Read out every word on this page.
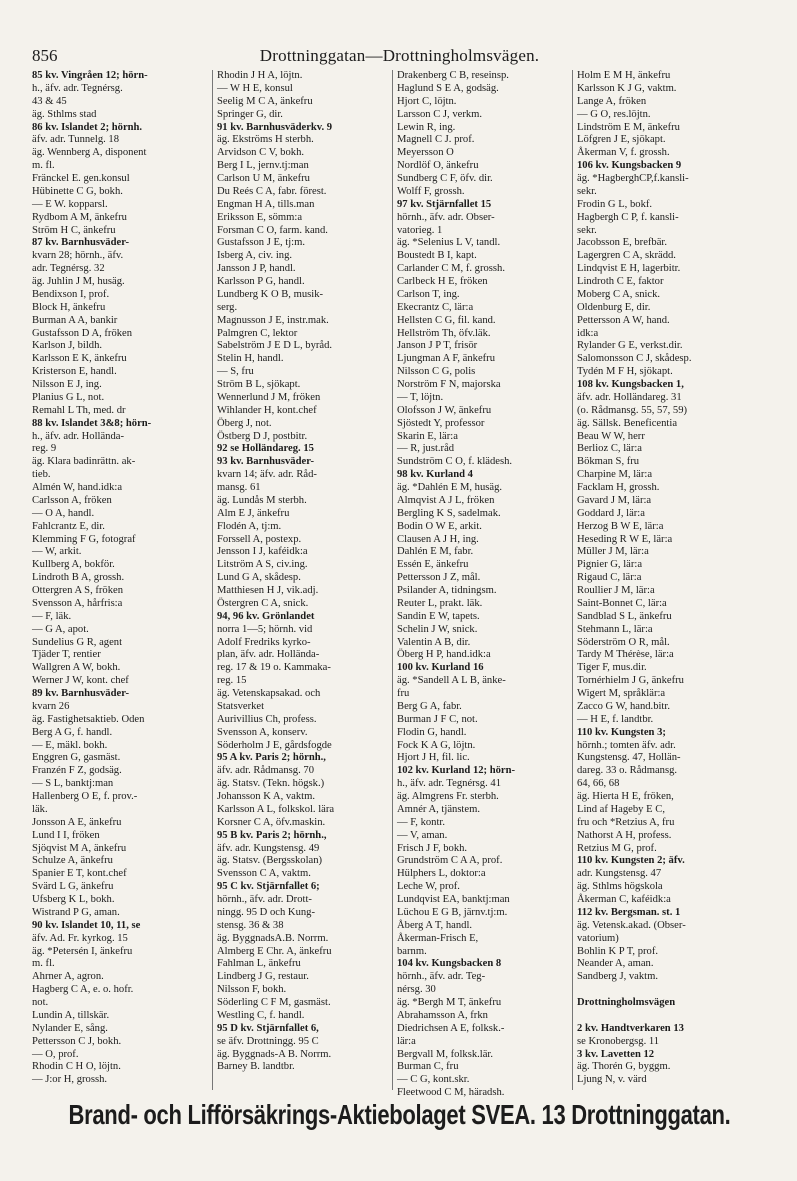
856	Drottninggatan—Drottningholmsvägen.
85 kv. Vingråen 12; hörn-
h., äfv. adr. Tegnérsg.
43 & 45
äg. Sthlms stad
86 kv. Islandet 2; hörnh.
äfv. adr. Tunnelg. 18
äg. Wennberg A, disponent
m. fl.
Fränckel E. gen.konsul
Hübinette C G, bokh.
— E W. kopparsl.
Rydbom A M, änkefru
Ström H C, änkefru
87 kv. Barnhusväder-
kvarn 28; hörnh., äfv.
adr. Tegnérsg. 32
äg. Juhlin J M, husäg.
Bendixson I, prof.
Block H, änkefru
Burman A A, bankir
Gustafsson D A, fröken
Karlson J, bildh.
Karlsson E K, änkefru
Kristerson E, handl.
Nilsson E J, ing.
Planius G L, not.
Remahl L Th, med. dr
88 kv. Islandet 3&8; hörn-
h., äfv. adr. Hollända-
reg. 9
äg. Klara badinrättn. ak-
tieb.
Almén W, hand.idk:a
Carlsson A, fröken
— O A, handl.
Fahlcrantz E, dir.
Klemming F G, fotograf
— W, arkit.
Kullberg A, bokför.
Lindroth B A, grossh.
Ottergren A S, fröken
Svensson A, hårfris:a
— F, läk.
— G A, apot.
Sundelius G R, agent
Tjäder T, rentier
Wallgren A W, bokh.
Werner J W, kont. chef
89 kv. Barnhusväder-
kvarn 26
äg. Fastighetsaktieb. Oden
Berg A G, f. handl.
— E, mäkl. bokh.
Enggren G, gasmäst.
Franzén F Z, godsäg.
— S L, banktj:man
Hallenberg O E, f. prov.-
läk.
Jonsson A E, änkefru
Lund I I, fröken
Sjöqvist M A, änkefru
Schulze A, änkefru
Spanier E T, kont.chef
Svärd L G, änkefru
Ufsberg K L, bokh.
Wistrand P G, aman.
90 kv. Islandet 10, 11, se
äfv. Ad. Fr. kyrkog. 15
äg. *Petersén I, änkefru
m. fl.
Ahrner A, agron.
Hagberg C A, e. o. hofr.
not.
Lundin A, tillskär.
Nylander E, sång.
Pettersson C J, bokh.
— O, prof.
Rhodin C H O, löjtn.
— J:or H, grossh.
Rhodin J H A, löjtn.
— W H E, konsul
Seelig M C A, änkefru
Springer G, dir.
91 kv. Barnhusväderkv. 9
äg. Ekströms H sterbh.
Arvidson C V, bokh.
Berg I L, jernv.tj:man
Carlson U M, änkefru
Du Reés C A, fabr. förest.
Engman H A, tills.man
Eriksson E, sömm:a
Forsman C O, farm. kand.
Gustafsson J E, tj:m.
Isberg A, civ. ing.
Jansson J P, handl.
Karlsson P G, handl.
Lundberg K O B, musik-
serg.
Magnusson J E, instr.mak.
Palmgren C, lektor
Sabelström J E D L, byråd.
Stelin H, handl.
— S, fru
Ström B L, sjökapt.
Wennerlund J M, fröken
Wihlander H, kont.chef
Öberg J, not.
Östberg D J, postbitr.
92 se Holländareg. 15
93 kv. Barnhusväder-
kvarn 14; äfv. adr. Råd-
mansg. 61
äg. Lundås M sterbh.
Alm E J, änkefru
Flodén A, tj:m.
Forssell A, postexp.
Jensson I J, kaféidk:a
Litström A S, civ.ing.
Lund G A, skådesp.
Matthiesen H J, vik.adj.
Östergren C A, snick.
94, 96 kv. Grönlandet
norra 1—5; hörnh. vid
Adolf Fredriks kyrko-
plan, äfv. adr. Hollända-
reg. 17 & 19 o. Kammaka-
reg. 15
äg. Vetenskapsakad. och
Statsverket
Aurivillius Ch, profess.
Svensson A, konserv.
Söderholm J E, gårdsfogde
95 A kv. Paris 2; hörnh.,
äfv. adr. Rådmansg. 70
äg. Statsv. (Tekn. högsk.)
Johansson K A, vaktm.
Karlsson A L, folkskol. lära
Korsner C A, öfv.maskin.
95 B kv. Paris 2; hörnh.,
äfv. adr. Kungstensg. 49
äg. Statsv. (Bergsskolan)
Svensson C A, vaktm.
95 C kv. Stjärnfallet 6;
hörnh., äfv. adr. Drott-
ningg. 95 D och Kung-
stensg. 36 & 38
äg. ByggnadsA.B. Norrm.
Almberg E Chr. A, änkefru
Fahlman L, änkefru
Lindberg J G, restaur.
Nilsson F, bokh.
Söderling C F M, gasmäst.
Westling C, f. handl.
95 D kv. Stjärnfallet 6,
se äfv. Drottningg. 95 C
äg. Byggnads-A B. Norrm.
Barney B. landtbr.
Drakenberg C B, reseinsp.
Haglund S E A, godsäg.
Hjort C, löjtn.
Larsson C J, verkm.
Lewin R, ing.
Magnell C J. prof.
Meyersson O
Nordlöf O, änkefru
Sundberg C F, öfv. dir.
Wolff F, grossh.
97 kv. Stjärnfallet 15
hörnh., äfv. adr. Obser-
vatorieg. 1
äg. *Selenius L V, tandl.
Boustedt B I, kapt.
Carlander C M, f. grossh.
Carlbeck H E, fröken
Carlson T, ing.
Ekecrantz C, lär:a
Hellsten C G, fil. kand.
Hellström Th, öfv.läk.
Janson J P T, frisör
Ljungman A F, änkefru
Nilsson C G, polis
Norström F N, majorska
— T, löjtn.
Olofsson J W, änkefru
Sjöstedt Y, professor
Skarin E, lär:a
— R, just.råd
Sundström C O, f. klädesh.
98 kv. Kurland 4
äg. *Dahlén E M, husäg.
Almqvist A J L, fröken
Bergling K S, sadelmak.
Bodin O W E, arkit.
Clausen A J H, ing.
Dahlén E M, fabr.
Essén E, änkefru
Pettersson J Z, mål.
Psilander A, tidningsm.
Reuter L, prakt. läk.
Sandin E W, tapets.
Schelin J W, snick.
Valentin A B, dir.
Öberg H P, hand.idk:a
100 kv. Kurland 16
äg. *Sandell A L B, änke-
fru
Berg G A, fabr.
Burman J F C, not.
Flodin G, handl.
Fock K A G, löjtn.
Hjort J H, fil. lic.
102 kv. Kurland 12; hörn-
h., äfv. adr. Tegnérsg. 41
äg. Almgrens Fr. sterbh.
Amnér A, tjänstem.
— F, kontr.
— V, aman.
Frisch J F, bokh.
Grundström C A A, prof.
Hülphers L, doktor:a
Leche W, prof.
Lundqvist EA, banktj:man
Lüchou E G B, järnv.tj:m.
Åberg A T, handl.
Åkerman-Frisch E,
barnm.
104 kv. Kungsbacken 8
hörnh., äfv. adr. Teg-
nérsg. 30
äg. *Bergh M T, änkefru
Abrahamsson A, frkn
Diedrichsen A E, folksk.-
lär:a
Bergvall M, folksk.lär.
Burman C, fru
— C G, kont.skr.
Fleetwood C M, häradsh.
Holm E M H, änkefru
Karlsson K J G, vaktm.
Lange A, fröken
— G O, res.löjtn.
Lindström E M, änkefru
Löfgren J E, sjökapt.
Åkerman V, f. grossh.
106 kv. Kungsbacken 9
äg. *HagberghCP,f.kansli-
sekr.
Frodin G L, bokf.
Hagbergh C P, f. kansli-
sekr.
Jacobsson E, brefbär.
Lagergren C A, skrädd.
Lindqvist E H, lagerbitr.
Lindroth C E, faktor
Moberg C A, snick.
Oldenburg E, dir.
Pettersson A W, hand.
idk:a
Rylander G E, verkst.dir.
Salomonsson C J, skådesp.
Tydén M F H, sjökapt.
108 kv. Kungsbacken 1,
äfv. adr. Holländareg. 31
(o. Rådmansg. 55, 57, 59)
äg. Sällsk. Beneficentia
Beau W W, herr
Berlioz C, lär:a
Bökman S, fru
Charpine M, lär:a
Facklam H, grossh.
Gavard J M, lär:a
Goddard J, lär:a
Herzog B W E, lär:a
Heseding R W E, lär:a
Müller J M, lär:a
Pignier G, lär:a
Rigaud C, lär:a
Roullier J M, lär:a
Saint-Bonnet C, lär:a
Sandblad S L, änkefru
Stehmann L, lär:a
Söderström O R, mål.
Tardy M Thérèse, lär:a
Tiger F, mus.dir.
Tornérhielm J G, änkefru
Wigert M, språklär:a
Zacco G W, hand.bitr.
— H E, f. landtbr.
110 kv. Kungsten 3;
hörnh.; tomten äfv. adr.
Kungstensg. 47, Hollän-
dareg. 33 o. Rådmansg.
64, 66, 68
äg. Hierta H E, fröken,
Lind af Hageby E C,
fru och *Retzius A, fru
Nathorst A H, profess.
Retzius M G, prof.
110 kv. Kungsten 2; äfv.
adr. Kungstensg. 47
äg. Sthlms högskola
Åkerman C, kaféidk:a
112 kv. Bergsman. st. 1
äg. Vetensk.akad. (Obser-
vatorium)
Bohlin K P T, prof.
Neander A, aman.
Sandberg J, vaktm.

Drottningholmsvägen

2 kv. Handtverkaren 13
se Kronobergsg. 11
3 kv. Lavetten 12
äg. Thorén G, byggm.
Ljung N, v. värd
Brand- och Lifförsäkrings-Aktiebolaget SVEA. 13 Drottninggatan.
